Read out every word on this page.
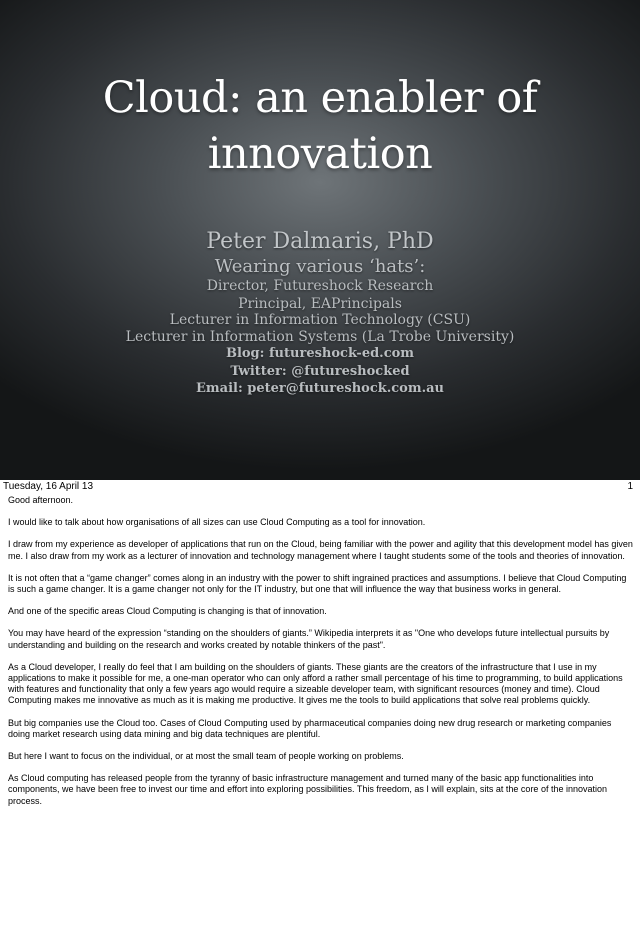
Cloud: an enabler of
innovation
Peter Dalmaris, PhD
Wearing various ‘hats’:
Director, Futureshock Research
Principal, EAPrincipals
Lecturer in Information Technology (CSU)
Lecturer in Information Systems (La Trobe University)
Blog: futureshock-ed.com
Twitter: @futureshocked
Email: peter@futureshock.com.au
Tuesday, 16 April 13	1

Good afternoon.

I would like to talk about how organisations of all sizes can use Cloud Computing as a tool for innovation.

I draw from my experience as developer of applications that run on the Cloud, being familiar with the power and agility that this development model has given me. I also draw from my work as a lecturer of innovation and technology management where I taught students some of the tools and theories of innovation.

It is not often that a “game changer” comes along in an industry with the power to shift ingrained practices and assumptions. I believe that Cloud Computing is such a game changer. It is a game changer not only for the IT industry, but one that will influence the way that business works in general.

And one of the specific areas Cloud Computing is changing is that of innovation.

You may have heard of the expression “standing on the shoulders of giants.” Wikipedia interprets it as "One who develops future intellectual pursuits by understanding and building on the research and works created by notable thinkers of the past".

As a Cloud developer, I really do feel that I am building on the shoulders of giants. These giants are the creators of the infrastructure that I use in my applications to make it possible for me, a one-man operator who can only afford a rather small percentage of his time to programming, to build applications with features and functionality that only a few years ago would require a sizeable developer team, with significant resources (money and time). Cloud Computing makes me innovative as much as it is making me productive. It gives me the tools to build applications that solve real problems quickly.

But big companies use the Cloud too. Cases of Cloud Computing used by pharmaceutical companies doing new drug research or marketing companies doing market research using data mining and big data techniques are plentiful.

But here I want to focus on the individual, or at most the small team of people working on problems.

As Cloud computing has released people from the tyranny of basic infrastructure management and turned many of the basic app functionalities into components, we have been free to invest our time and effort into exploring possibilities. This freedom, as I will explain, sits at the core of the innovation process.
